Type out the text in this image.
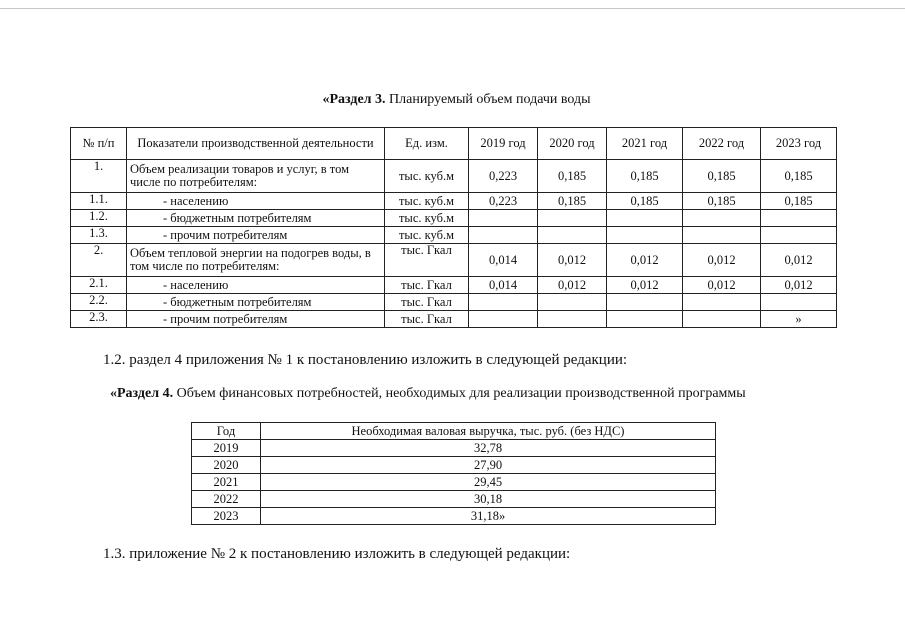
«Раздел 3. Планируемый объем подачи воды
№ п/п	Показатели производственной деятельности	Ед. изм.	2019 год	2020 год	2021 год	2022 год	2023 год
1.	Объем реализации товаров и услуг, в том числе по потребителям:	тыс. куб.м	0,223	0,185	0,185	0,185	0,185
1.1.	- населению	тыс. куб.м	0,223	0,185	0,185	0,185	0,185
1.2.	- бюджетным потребителям	тыс. куб.м					
1.3.	- прочим потребителям	тыс. куб.м					
2.	Объем тепловой энергии на подогрев воды, в том числе по потребителям:	тыс. Гкал	0,014	0,012	0,012	0,012	0,012
2.1.	- населению	тыс. Гкал	0,014	0,012	0,012	0,012	0,012
2.2.	- бюджетным потребителям	тыс. Гкал					
2.3.	- прочим потребителям	тыс. Гкал					»
1.2. раздел 4 приложения № 1 к постановлению изложить в следующей редакции:
«Раздел 4. Объем финансовых потребностей, необходимых для реализации производственной программы
Год	Необходимая валовая выручка, тыс. руб. (без НДС)
2019	32,78
2020	27,90
2021	29,45
2022	30,18
2023	31,18»
1.3. приложение № 2 к постановлению изложить в следующей редакции:
